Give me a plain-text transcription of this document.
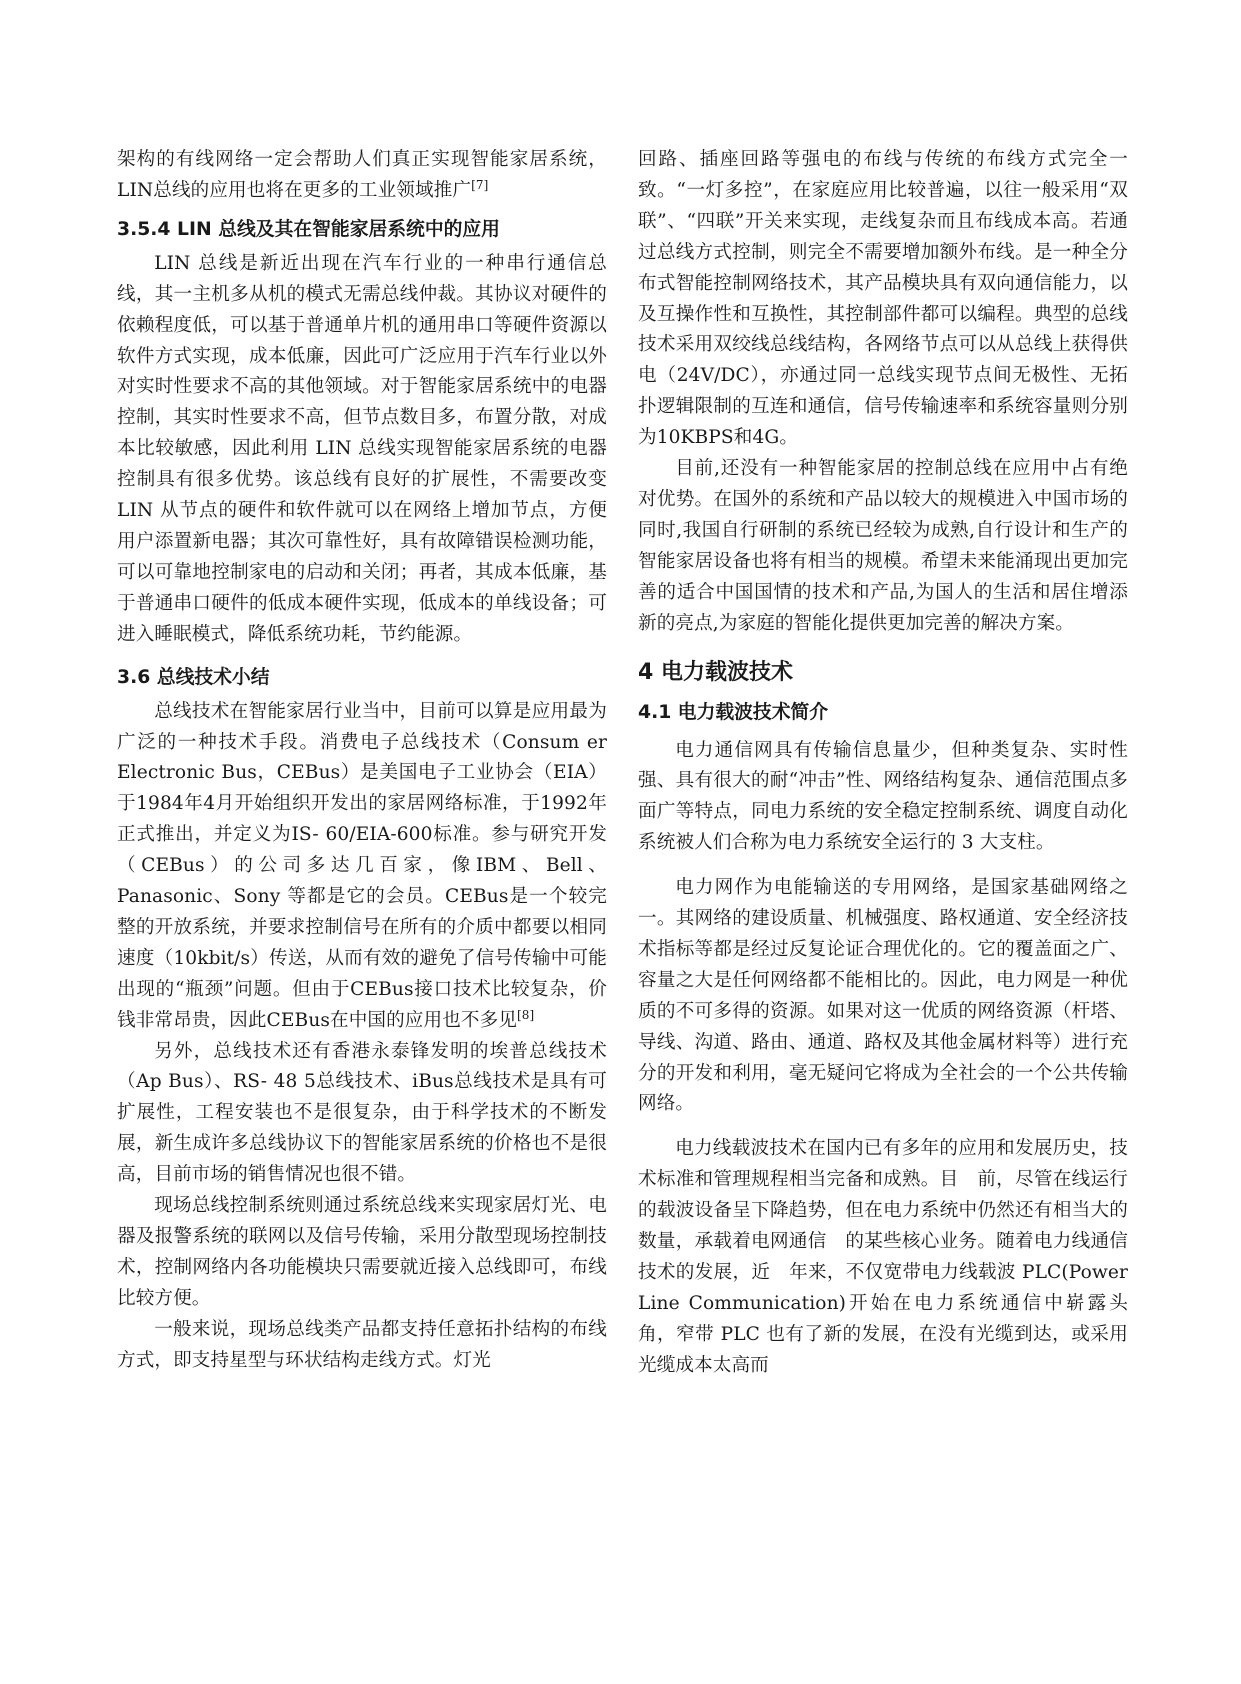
架构的有线网络一定会帮助人们真正实现智能家居系统，LIN总线的应用也将在更多的工业领域推广[7]

3.5.4 LIN 总线及其在智能家居系统中的应用

LIN 总线是新近出现在汽车行业的一种串行通信总线，其一主机多从机的模式无需总线仲裁。其协议对硬件的依赖程度低，可以基于普通单片机的通用串口等硬件资源以软件方式实现，成本低廉，因此可广泛应用于汽车行业以外对实时性要求不高的其他领域。对于智能家居系统中的电器控制，其实时性要求不高，但节点数目多，布置分散，对成本比较敏感，因此利用 LIN 总线实现智能家居系统的电器控制具有很多优势。该总线有良好的扩展性，不需要改变 LIN 从节点的硬件和软件就可以在网络上增加节点，方便用户添置新电器；其次可靠性好，具有故障错误检测功能，可以可靠地控制家电的启动和关闭；再者，其成本低廉，基于普通串口硬件的低成本硬件实现，低成本的单线设备；可进入睡眠模式，降低系统功耗，节约能源。

3.6 总线技术小结

总线技术在智能家居行业当中，目前可以算是应用最为广泛的一种技术手段。消费电子总线技术（Consum er Electronic Bus，CEBus）是美国电子工业协会（EIA）于1984年4月开始组织开发出的家居网络标准，于1992年正式推出，并定义为IS- 60/EIA-600标准。参与研究开发（CEBus）的公司多达几百家，像IBM、Bell、Panasonic、Sony 等都是它的会员。CEBus是一个较完整的开放系统，并要求控制信号在所有的介质中都要以相同速度（10kbit/s）传送，从而有效的避免了信号传输中可能出现的“瓶颈”问题。但由于CEBus接口技术比较复杂，价钱非常昂贵，因此CEBus在中国的应用也不多见[8]

另外，总线技术还有香港永泰锋发明的埃普总线技术（Ap Bus）、RS- 48 5总线技术、iBus总线技术是具有可扩展性，工程安装也不是很复杂，由于科学技术的不断发展，新生成许多总线协议下的智能家居系统的价格也不是很高，目前市场的销售情况也很不错。

现场总线控制系统则通过系统总线来实现家居灯光、电器及报警系统的联网以及信号传输，采用分散型现场控制技术，控制网络内各功能模块只需要就近接入总线即可，布线比较方便。

一般来说，现场总线类产品都支持任意拓扑结构的布线方式，即支持星型与环状结构走线方式。灯光

回路、插座回路等强电的布线与传统的布线方式完全一致。“一灯多控”，在家庭应用比较普遍，以往一般采用“双联”、“四联”开关来实现，走线复杂而且布线成本高。若通过总线方式控制，则完全不需要增加额外布线。是一种全分布式智能控制网络技术，其产品模块具有双向通信能力，以及互操作性和互换性，其控制部件都可以编程。典型的总线技术采用双绞线总线结构，各网络节点可以从总线上获得供电（24V/DC），亦通过同一总线实现节点间无极性、无拓扑逻辑限制的互连和通信，信号传输速率和系统容量则分别为10KBPS和4G。

目前,还没有一种智能家居的控制总线在应用中占有绝对优势。在国外的系统和产品以较大的规模进入中国市场的同时,我国自行研制的系统已经较为成熟,自行设计和生产的智能家居设备也将有相当的规模。希望未来能涌现出更加完善的适合中国国情的技术和产品,为国人的生活和居住增添新的亮点,为家庭的智能化提供更加完善的解决方案。

4 电力载波技术
4.1 电力载波技术简介

电力通信网具有传输信息量少，但种类复杂、实时性强、具有很大的耐“冲击”性、网络结构复杂、通信范围点多面广等特点，同电力系统的安全稳定控制系统、调度自动化系统被人们合称为电力系统安全运行的 3 大支柱。

电力网作为电能输送的专用网络，是国家基础网络之一。其网络的建设质量、机械强度、路权通道、安全经济技术指标等都是经过反复论证合理优化的。它的覆盖面之广、容量之大是任何网络都不能相比的。因此，电力网是一种优质的不可多得的资源。如果对这一优质的网络资源（杆塔、导线、沟道、路由、通道、路权及其他金属材料等）进行充分的开发和利用，毫无疑问它将成为全社会的一个公共传输网络。

电力线载波技术在国内已有多年的应用和发展历史，技术标准和管理规程相当完备和成熟。目　前，尽管在线运行的载波设备呈下降趋势，但在电力系统中仍然还有相当大的数量，承载着电网通信　的某些核心业务。随着电力线通信技术的发展，近　年来，不仅宽带电力线载波 PLC(Power Line Communication)开始在电力系统通信中崭露头　角，窄带 PLC 也有了新的发展，在没有光缆到达，或采用光缆成本太高而
